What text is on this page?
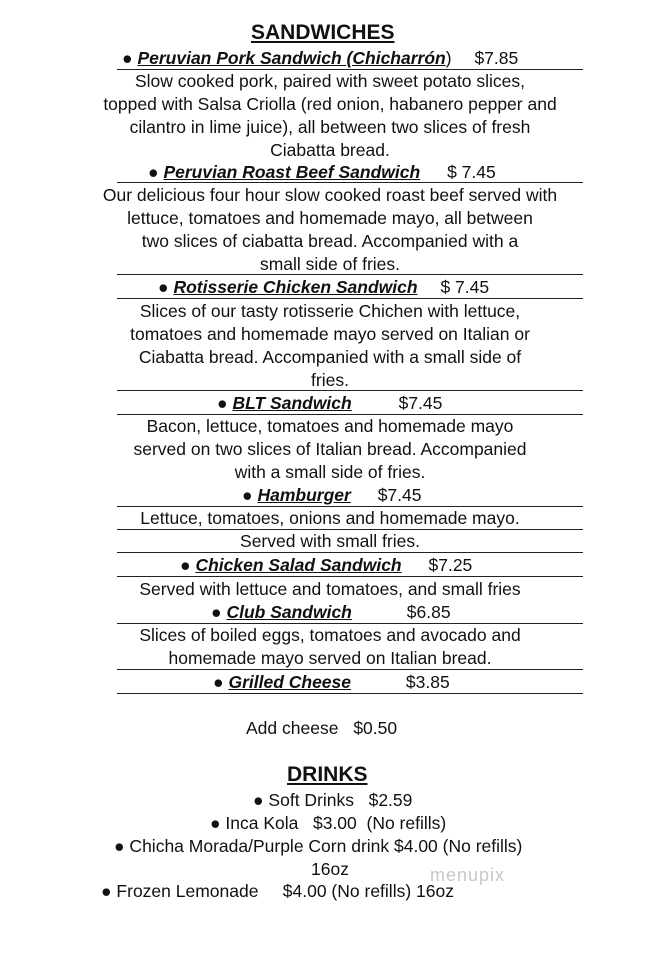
SANDWICHES
● Peruvian Pork Sandwich (Chicharrón) $7.85
Slow cooked pork, paired with sweet potato slices,
topped with Salsa Criolla (red onion, habanero pepper and
cilantro in lime juice), all between two slices of fresh
Ciabatta bread.
● Peruvian Roast Beef Sandwich $ 7.45
Our delicious four hour slow cooked roast beef served with
lettuce, tomatoes and homemade mayo, all between
two slices of ciabatta bread. Accompanied with a
small side of fries.
● Rotisserie Chicken Sandwich $ 7.45
Slices of our tasty rotisserie Chichen with lettuce,
tomatoes and homemade mayo served on Italian or
Ciabatta bread. Accompanied with a small side of
fries.
● BLT Sandwich	$7.45
Bacon, lettuce, tomatoes and homemade mayo
served on two slices of Italian bread. Accompanied
with a small side of fries.
● Hamburger $7.45
Lettuce, tomatoes, onions and homemade mayo.
Served with small fries.
● Chicken Salad Sandwich $7.25
Served with lettuce and tomatoes, and small fries
● Club Sandwich	$6.85
Slices of boiled eggs, tomatoes and avocado and
homemade mayo served on Italian bread.
● Grilled Cheese	$3.85
Add cheese $0.50
DRINKS
● Soft Drinks   $2.59
● Inca Kola   $3.00  (No refills)
● Chicha Morada/Purple Corn drink $4.00 (No refills)
16oz
● Frozen Lemonade     $4.00 (No refills) 16oz
menupix
